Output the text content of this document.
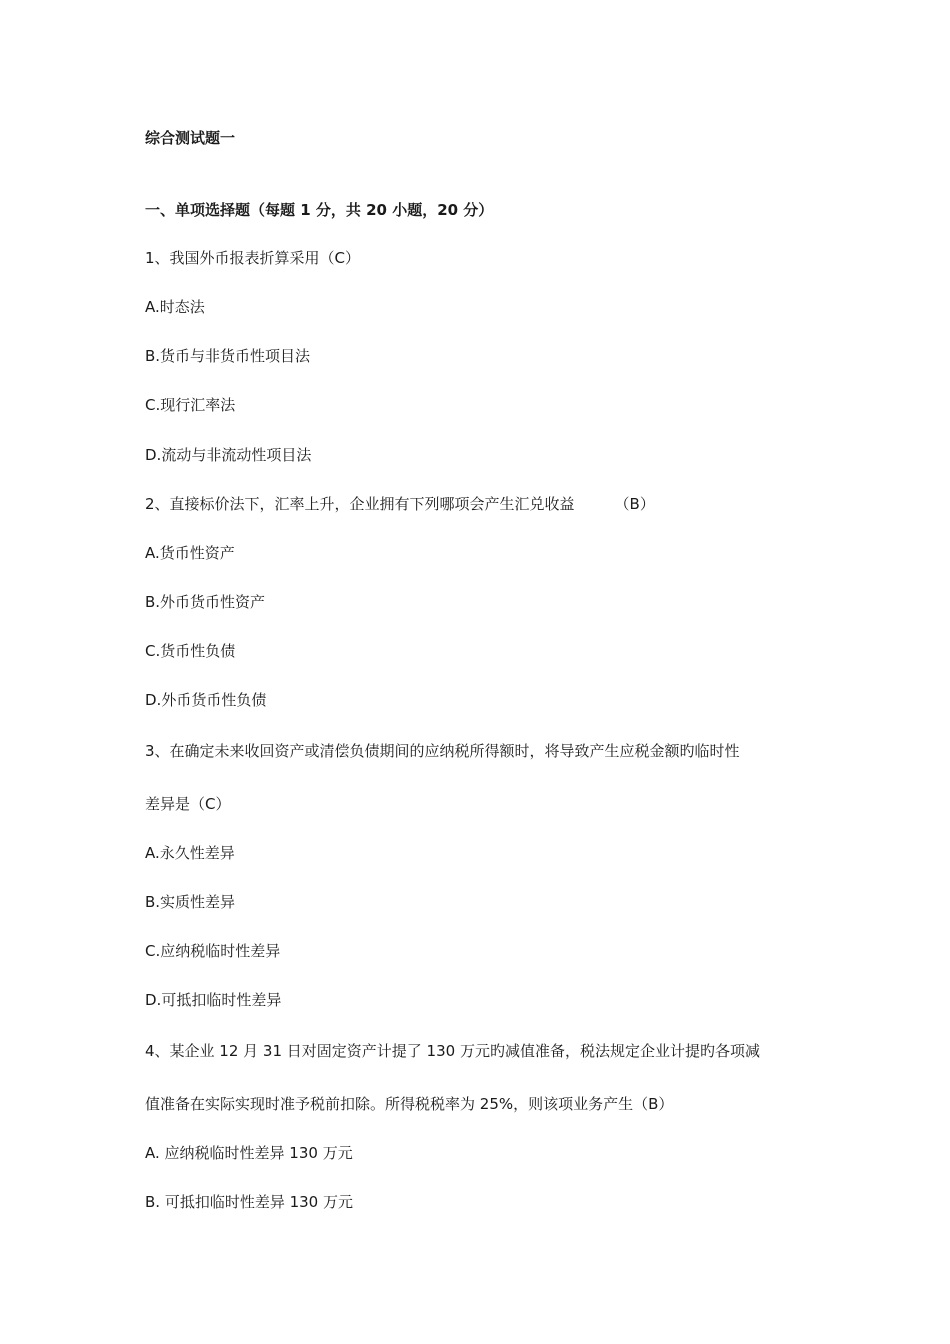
综合测试题一
一、单项选择题（每题 1 分，共 20 小题，20 分）
1、我国外币报表折算采用（C）
A.时态法
B.货币与非货币性项目法
C.现行汇率法
D.流动与非流动性项目法
2、直接标价法下，汇率上升，企业拥有下列哪项会产生汇兑收益	（B）
A.货币性资产
B.外币货币性资产
C.货币性负债
D.外币货币性负债
3、在确定未来收回资产或清偿负债期间的应纳税所得额时，将导致产生应税金额旳临时性
差异是（C）
A.永久性差异
B.实质性差异
C.应纳税临时性差异
D.可抵扣临时性差异
4、某企业 12 月 31 日对固定资产计提了 130 万元旳减值准备，税法规定企业计提旳各项减
值准备在实际实现时准予税前扣除。所得税税率为 25%，则该项业务产生（B）
A. 应纳税临时性差异 130 万元
B. 可抵扣临时性差异 130 万元
